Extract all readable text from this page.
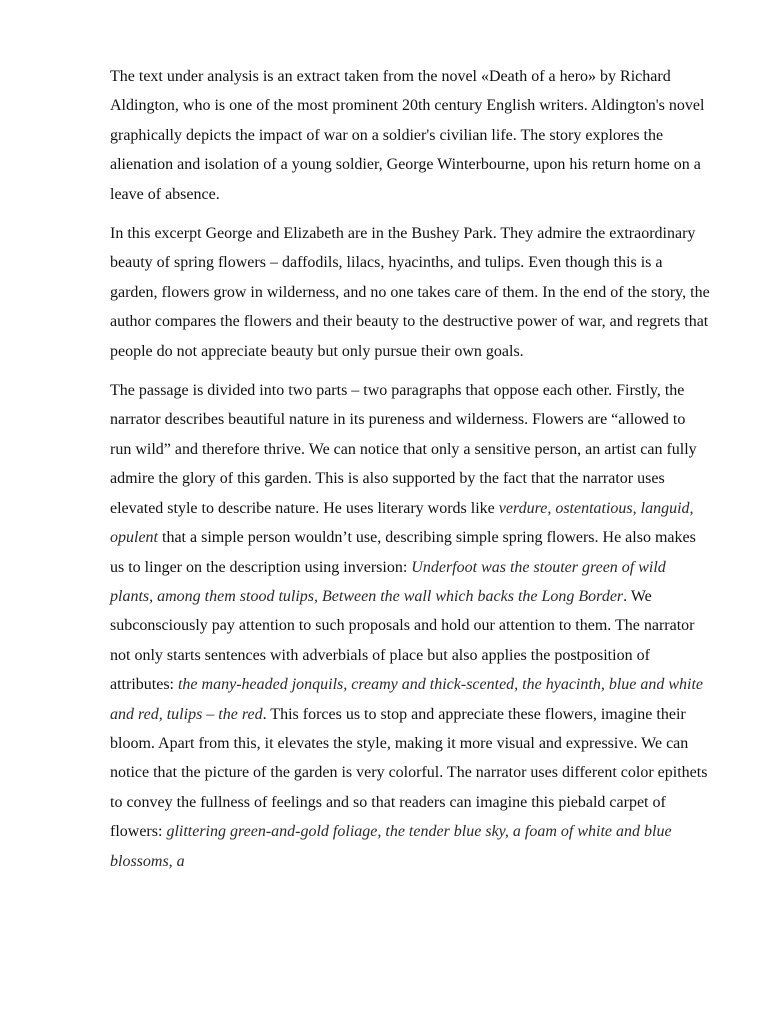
The text under analysis is an extract taken from the novel «Death of a hero» by Richard Aldington, who is one of the most prominent 20th century English writers. Aldington's novel graphically depicts the impact of war on a soldier's civilian life. The story explores the alienation and isolation of a young soldier, George Winterbourne, upon his return home on a leave of absence.

In this excerpt George and Elizabeth are in the Bushey Park. They admire the extraordinary beauty of spring flowers – daffodils, lilacs, hyacinths, and tulips. Even though this is a garden, flowers grow in wilderness, and no one takes care of them. In the end of the story, the author compares the flowers and their beauty to the destructive power of war, and regrets that people do not appreciate beauty but only pursue their own goals.

The passage is divided into two parts – two paragraphs that oppose each other. Firstly, the narrator describes beautiful nature in its pureness and wilderness. Flowers are “allowed to run wild” and therefore thrive. We can notice that only a sensitive person, an artist can fully admire the glory of this garden. This is also supported by the fact that the narrator uses elevated style to describe nature. He uses literary words like verdure, ostentatious, languid, opulent that a simple person wouldn’t use, describing simple spring flowers. He also makes us to linger on the description using inversion: Underfoot was the stouter green of wild plants, among them stood tulips, Between the wall which backs the Long Border. We subconsciously pay attention to such proposals and hold our attention to them. The narrator not only starts sentences with adverbials of place but also applies the postposition of attributes: the many-headed jonquils, creamy and thick-scented, the hyacinth, blue and white and red, tulips – the red. This forces us to stop and appreciate these flowers, imagine their bloom. Apart from this, it elevates the style, making it more visual and expressive. We can notice that the picture of the garden is very colorful. The narrator uses different color epithets to convey the fullness of feelings and so that readers can imagine this piebald carpet of flowers: glittering green-and-gold foliage, the tender blue sky, a foam of white and blue blossoms, a
